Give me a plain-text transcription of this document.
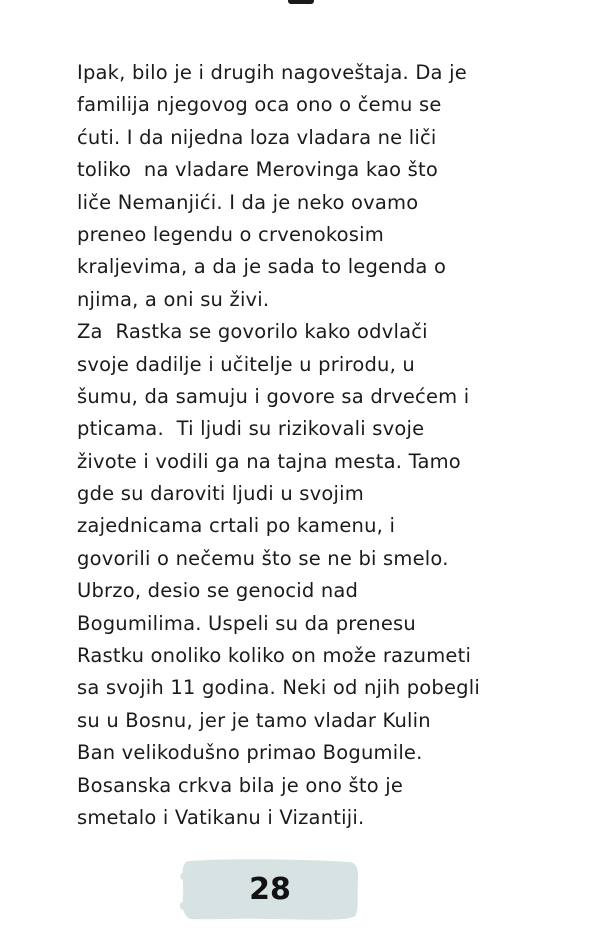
Ipak, bilo je i drugih nagoveštaja. Da je
familija njegovog oca ono o čemu se
ćuti. I da nijedna loza vladara ne liči
toliko  na vladare Merovinga kao što
liče Nemanjići. I da je neko ovamo
preneo legendu o crvenokosim
kraljevima, a da je sada to legenda o
njima, a oni su živi.
Za  Rastka se govorilo kako odvlači
svoje dadilje i učitelje u prirodu, u
šumu, da samuju i govore sa drvećem i
pticama.  Ti ljudi su rizikovali svoje
živote i vodili ga na tajna mesta. Tamo
gde su daroviti ljudi u svojim
zajednicama crtali po kamenu, i
govorili o nečemu što se ne bi smelo.
Ubrzo, desio se genocid nad
Bogumilima. Uspeli su da prenesu
Rastku onoliko koliko on može razumeti
sa svojih 11 godina. Neki od njih pobegli
su u Bosnu, jer je tamo vladar Kulin
Ban velikodušno primao Bogumile.
Bosanska crkva bila je ono što je
smetalo i Vatikanu i Vizantiji.
28
